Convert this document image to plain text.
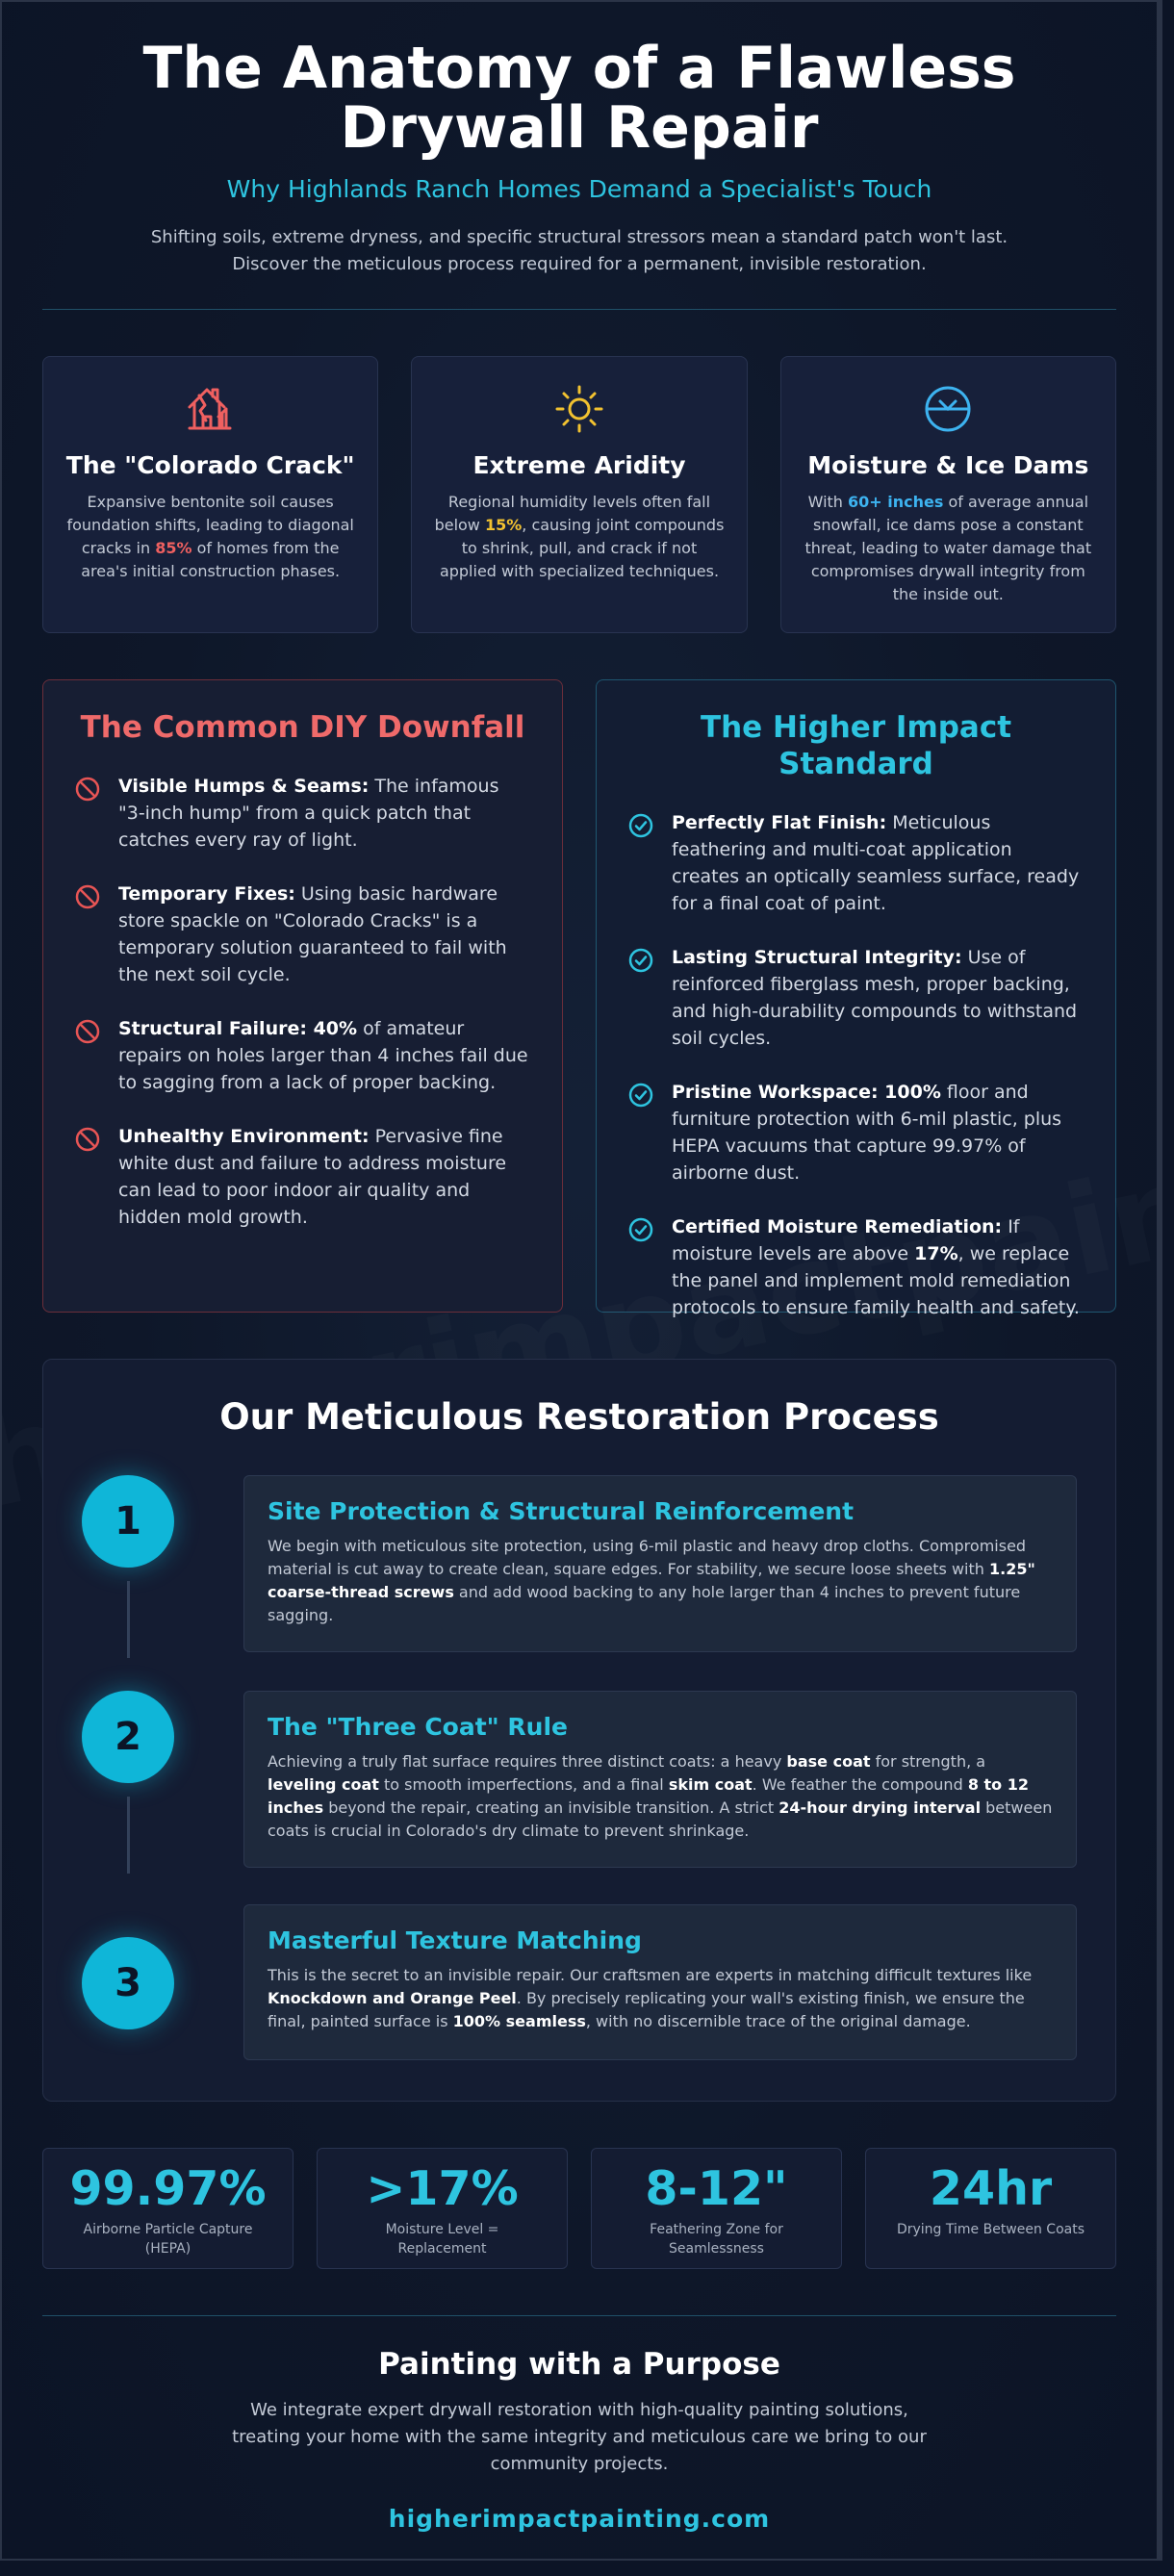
The Anatomy of a Flawless Drywall Repair
Why Highlands Ranch Homes Demand a Specialist's Touch
Shifting soils, extreme dryness, and specific structural stressors mean a standard patch won't last. Discover the meticulous process required for a permanent, invisible restoration.
The "Colorado Crack"
Expansive bentonite soil causes foundation shifts, leading to diagonal cracks in 85% of homes from the area's initial construction phases.
Extreme Aridity
Regional humidity levels often fall below 15%, causing joint compounds to shrink, pull, and crack if not applied with specialized techniques.
Moisture & Ice Dams
With 60+ inches of average annual snowfall, ice dams pose a constant threat, leading to water damage that compromises drywall integrity from the inside out.
The Common DIY Downfall
Visible Humps & Seams: The infamous "3-inch hump" from a quick patch that catches every ray of light.
Temporary Fixes: Using basic hardware store spackle on "Colorado Cracks" is a temporary solution guaranteed to fail with the next soil cycle.
Structural Failure: 40% of amateur repairs on holes larger than 4 inches fail due to sagging from a lack of proper backing.
Unhealthy Environment: Pervasive fine white dust and failure to address moisture can lead to poor indoor air quality and hidden mold growth.
The Higher Impact Standard
Perfectly Flat Finish: Meticulous feathering and multi-coat application creates an optically seamless surface, ready for a final coat of paint.
Lasting Structural Integrity: Use of reinforced fiberglass mesh, proper backing, and high-durability compounds to withstand soil cycles.
Pristine Workspace: 100% floor and furniture protection with 6-mil plastic, plus HEPA vacuums that capture 99.97% of airborne dust.
Certified Moisture Remediation: If moisture levels are above 17%, we replace the panel and implement mold remediation protocols to ensure family health and safety.
Our Meticulous Restoration Process
1	Site Protection & Structural Reinforcement
We begin with meticulous site protection, using 6-mil plastic and heavy drop cloths. Compromised material is cut away to create clean, square edges. For stability, we secure loose sheets with 1.25" coarse-thread screws and add wood backing to any hole larger than 4 inches to prevent future sagging.
2	The "Three Coat" Rule
Achieving a truly flat surface requires three distinct coats: a heavy base coat for strength, a leveling coat to smooth imperfections, and a final skim coat. We feather the compound 8 to 12 inches beyond the repair, creating an invisible transition. A strict 24-hour drying interval between coats is crucial in Colorado's dry climate to prevent shrinkage.
3
Masterful Texture Matching
This is the secret to an invisible repair. Our craftsmen are experts in matching difficult textures like Knockdown and Orange Peel. By precisely replicating your wall's existing finish, we ensure the final, painted surface is 100% seamless, with no discernible trace of the original damage.
99.97%
Airborne Particle Capture (HEPA)
>17%
Moisture Level = Replacement
8-12"
Feathering Zone for Seamlessness
24hr
Drying Time Between Coats
Painting with a Purpose
We integrate expert drywall restoration with high-quality painting solutions, treating your home with the same integrity and meticulous care we bring to our community projects.
higherimpactpainting.com
